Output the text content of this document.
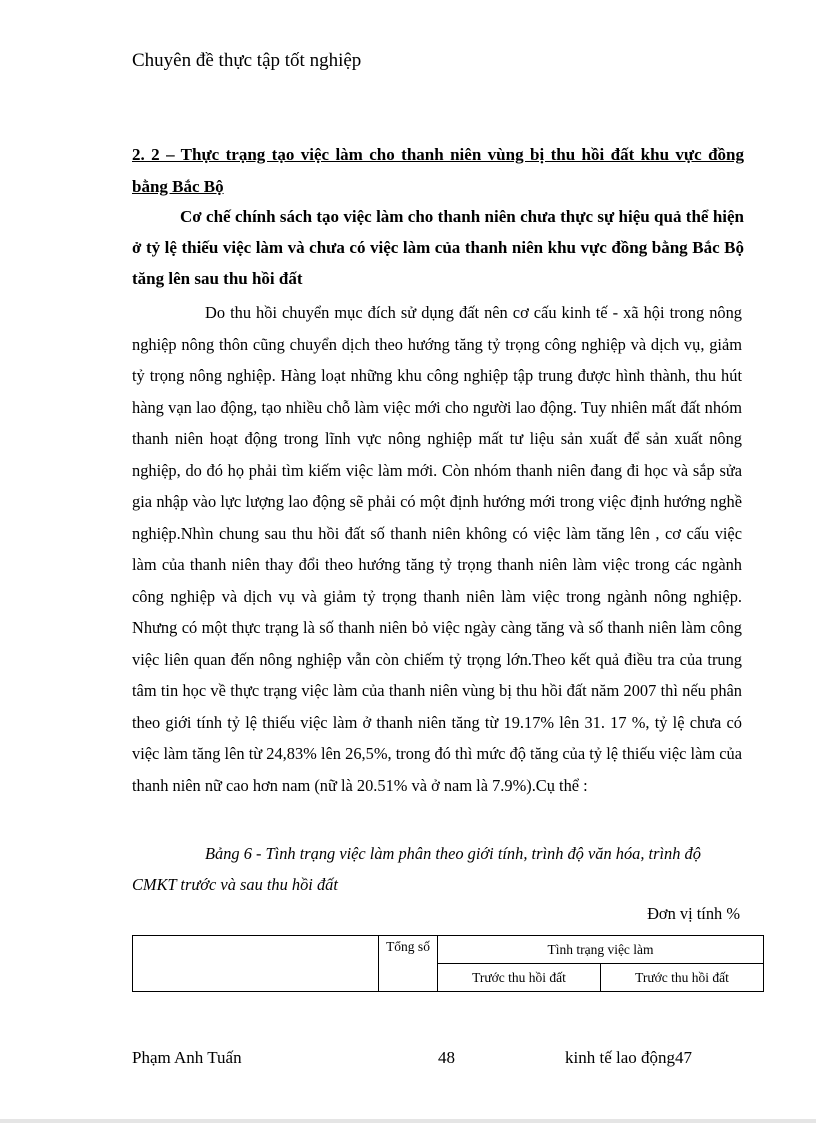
Chuyên đề thực tập tốt nghiệp
2. 2 – Thực trạng tạo việc làm cho thanh niên vùng bị thu hồi đất khu vực đồng bằng Bắc Bộ
Cơ chế chính sách tạo việc làm cho thanh niên chưa thực sự hiệu quả thể hiện ở tỷ lệ thiếu việc làm và chưa có việc làm của thanh niên khu vực đồng bằng Bắc Bộ tăng lên sau thu hồi đất
Do thu hồi chuyển mục đích sử dụng đất nên cơ cấu kinh tế - xã hội trong nông nghiệp nông thôn cũng chuyển dịch theo hướng tăng tỷ trọng công nghiệp và dịch vụ, giảm tỷ trọng nông nghiệp. Hàng loạt những khu công nghiệp tập trung được hình thành, thu hút hàng vạn lao động, tạo nhiều chỗ làm việc mới cho người lao động. Tuy nhiên mất đất nhóm thanh niên hoạt động trong lĩnh vực nông nghiệp mất tư liệu sản xuất để sản xuất nông nghiệp, do đó họ phải tìm kiếm việc làm mới. Còn nhóm thanh niên đang đi học và sắp sửa gia nhập vào lực lượng lao động sẽ phải có một định hướng mới trong việc định hướng nghề nghiệp.Nhìn chung sau thu hồi đất số thanh niên không có việc làm tăng lên , cơ cấu việc làm của thanh niên thay đổi theo hướng tăng tỷ trọng thanh niên làm việc trong các ngành công nghiệp và dịch vụ và giảm tỷ trọng thanh niên làm việc trong ngành nông nghiệp. Nhưng có một thực trạng là số thanh niên bỏ việc ngày càng tăng và số thanh niên làm công việc liên quan đến nông nghiệp vẫn còn chiếm tỷ trọng lớn.Theo kết quả điều tra của trung tâm tin học về thực trạng việc làm của thanh niên vùng bị thu hồi đất năm 2007 thì nếu phân theo giới tính tỷ lệ thiếu việc làm ở thanh niên tăng từ 19.17% lên 31. 17 %, tỷ lệ chưa có việc làm tăng lên từ 24,83% lên 26,5%, trong đó thì mức độ tăng của tỷ lệ thiếu việc làm của thanh niên nữ cao hơn nam (nữ là 20.51% và ở nam là 7.9%).Cụ thể :
Bảng 6 - Tình trạng việc làm phân theo giới tính, trình độ văn hóa, trình độ CMKT trước và sau thu hồi đất
Đơn vị tính %
	Tổng số	Tình trạng việc làm	
		Trước thu hồi đất	Trước thu hồi đất
Phạm Anh Tuấn	48	kinh tế lao động47
